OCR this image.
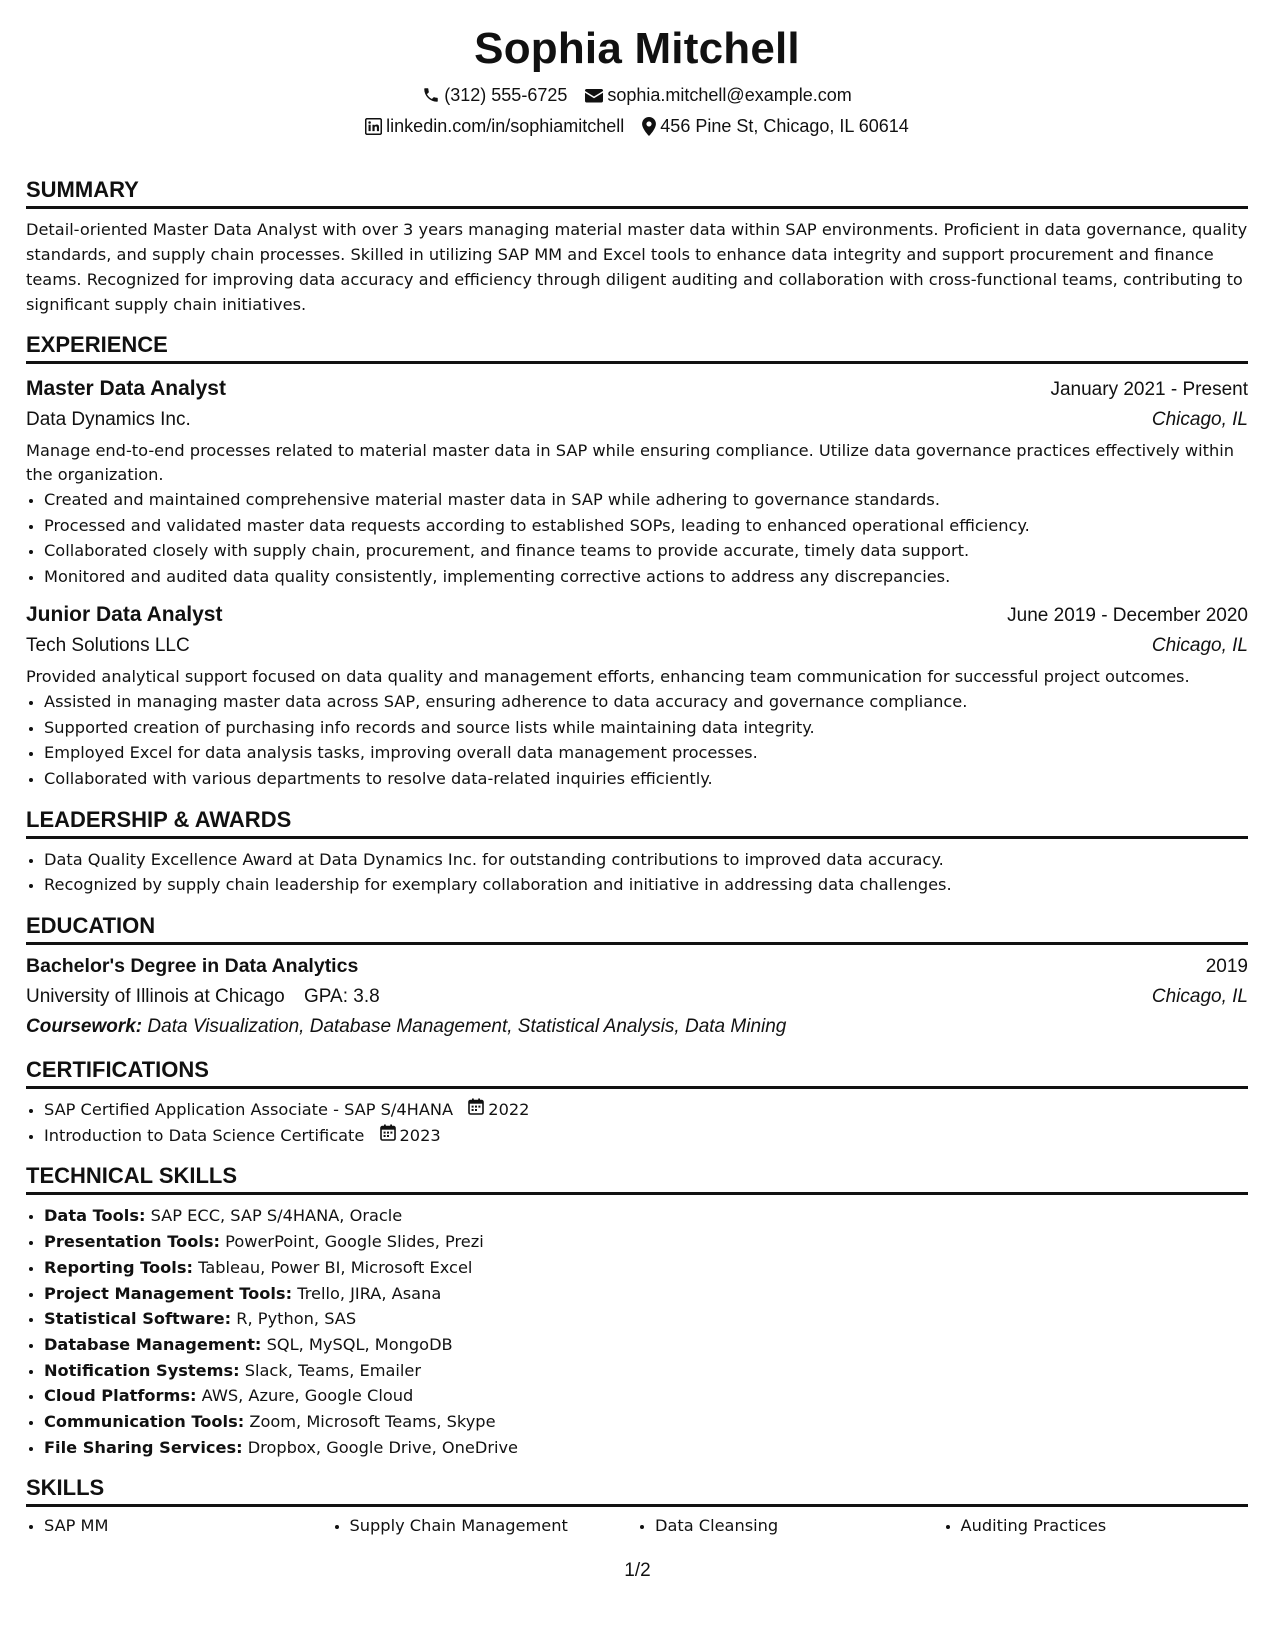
Sophia Mitchell
(312) 555-6725 sophia.mitchell@example.com
linkedin.com/in/sophiamitchell 456 Pine St, Chicago, IL 60614
SUMMARY
Detail-oriented Master Data Analyst with over 3 years managing material master data within SAP environments. Proficient in data governance, quality standards, and supply chain processes. Skilled in utilizing SAP MM and Excel tools to enhance data integrity and support procurement and finance teams. Recognized for improving data accuracy and efficiency through diligent auditing and collaboration with cross-functional teams, contributing to significant supply chain initiatives.
EXPERIENCE
Master Data Analyst	January 2021 - Present
Data Dynamics Inc.	Chicago, IL
Manage end-to-end processes related to material master data in SAP while ensuring compliance. Utilize data governance practices effectively within the organization.
• Created and maintained comprehensive material master data in SAP while adhering to governance standards.
• Processed and validated master data requests according to established SOPs, leading to enhanced operational efficiency.
• Collaborated closely with supply chain, procurement, and finance teams to provide accurate, timely data support.
• Monitored and audited data quality consistently, implementing corrective actions to address any discrepancies.
Junior Data Analyst	June 2019 - December 2020
Tech Solutions LLC	Chicago, IL
Provided analytical support focused on data quality and management efforts, enhancing team communication for successful project outcomes.
• Assisted in managing master data across SAP, ensuring adherence to data accuracy and governance compliance.
• Supported creation of purchasing info records and source lists while maintaining data integrity.
• Employed Excel for data analysis tasks, improving overall data management processes.
• Collaborated with various departments to resolve data-related inquiries efficiently.
LEADERSHIP & AWARDS
• Data Quality Excellence Award at Data Dynamics Inc. for outstanding contributions to improved data accuracy.
• Recognized by supply chain leadership for exemplary collaboration and initiative in addressing data challenges.
EDUCATION
Bachelor's Degree in Data Analytics	2019
University of Illinois at Chicago GPA: 3.8	Chicago, IL
Coursework: Data Visualization, Database Management, Statistical Analysis, Data Mining
CERTIFICATIONS
• SAP Certified Application Associate - SAP S/4HANA 2022
• Introduction to Data Science Certificate 2023
TECHNICAL SKILLS
• Data Tools: SAP ECC, SAP S/4HANA, Oracle
• Presentation Tools: PowerPoint, Google Slides, Prezi
• Reporting Tools: Tableau, Power BI, Microsoft Excel
• Project Management Tools: Trello, JIRA, Asana
• Statistical Software: R, Python, SAS
• Database Management: SQL, MySQL, MongoDB
• Notification Systems: Slack, Teams, Emailer
• Cloud Platforms: AWS, Azure, Google Cloud
• Communication Tools: Zoom, Microsoft Teams, Skype
• File Sharing Services: Dropbox, Google Drive, OneDrive
SKILLS
• SAP MM	• Supply Chain Management	• Data Cleansing	• Auditing Practices
1/2
